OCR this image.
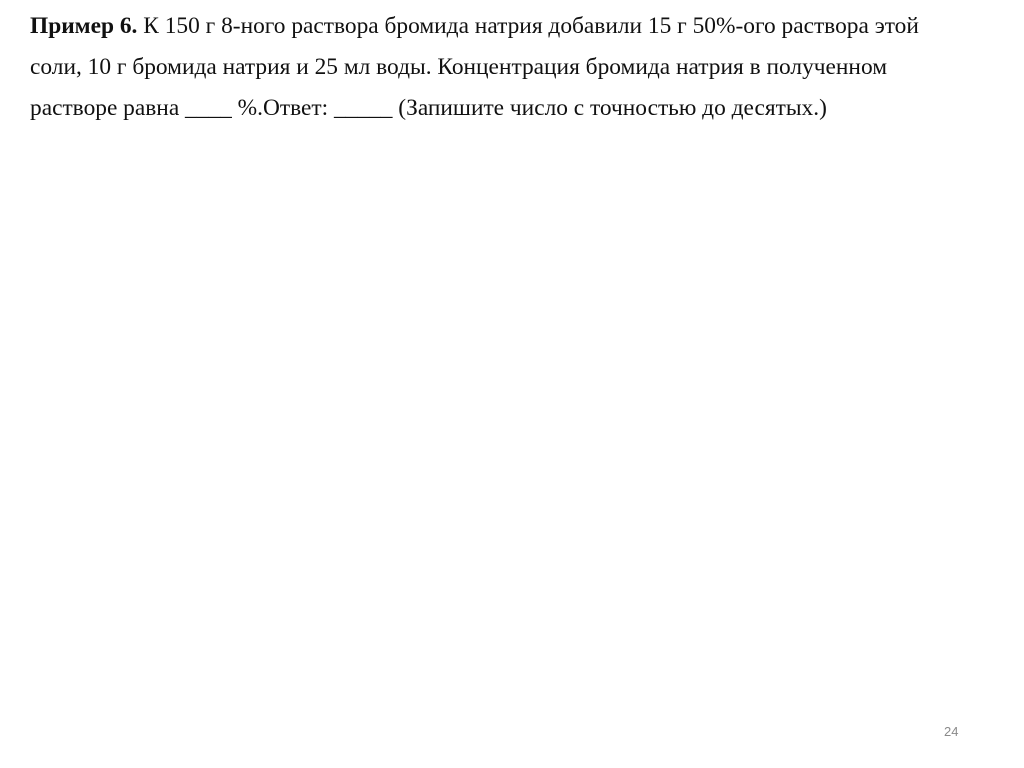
Пример 6. К 150 г 8-ного раствора бромида натрия добавили 15 г 50%-ого раствора этой
соли, 10 г бромида натрия и 25 мл воды. Концентрация бромида натрия в полученном
растворе равна ____ %.Ответ: _____ (Запишите число с точностью до десятых.)

24
